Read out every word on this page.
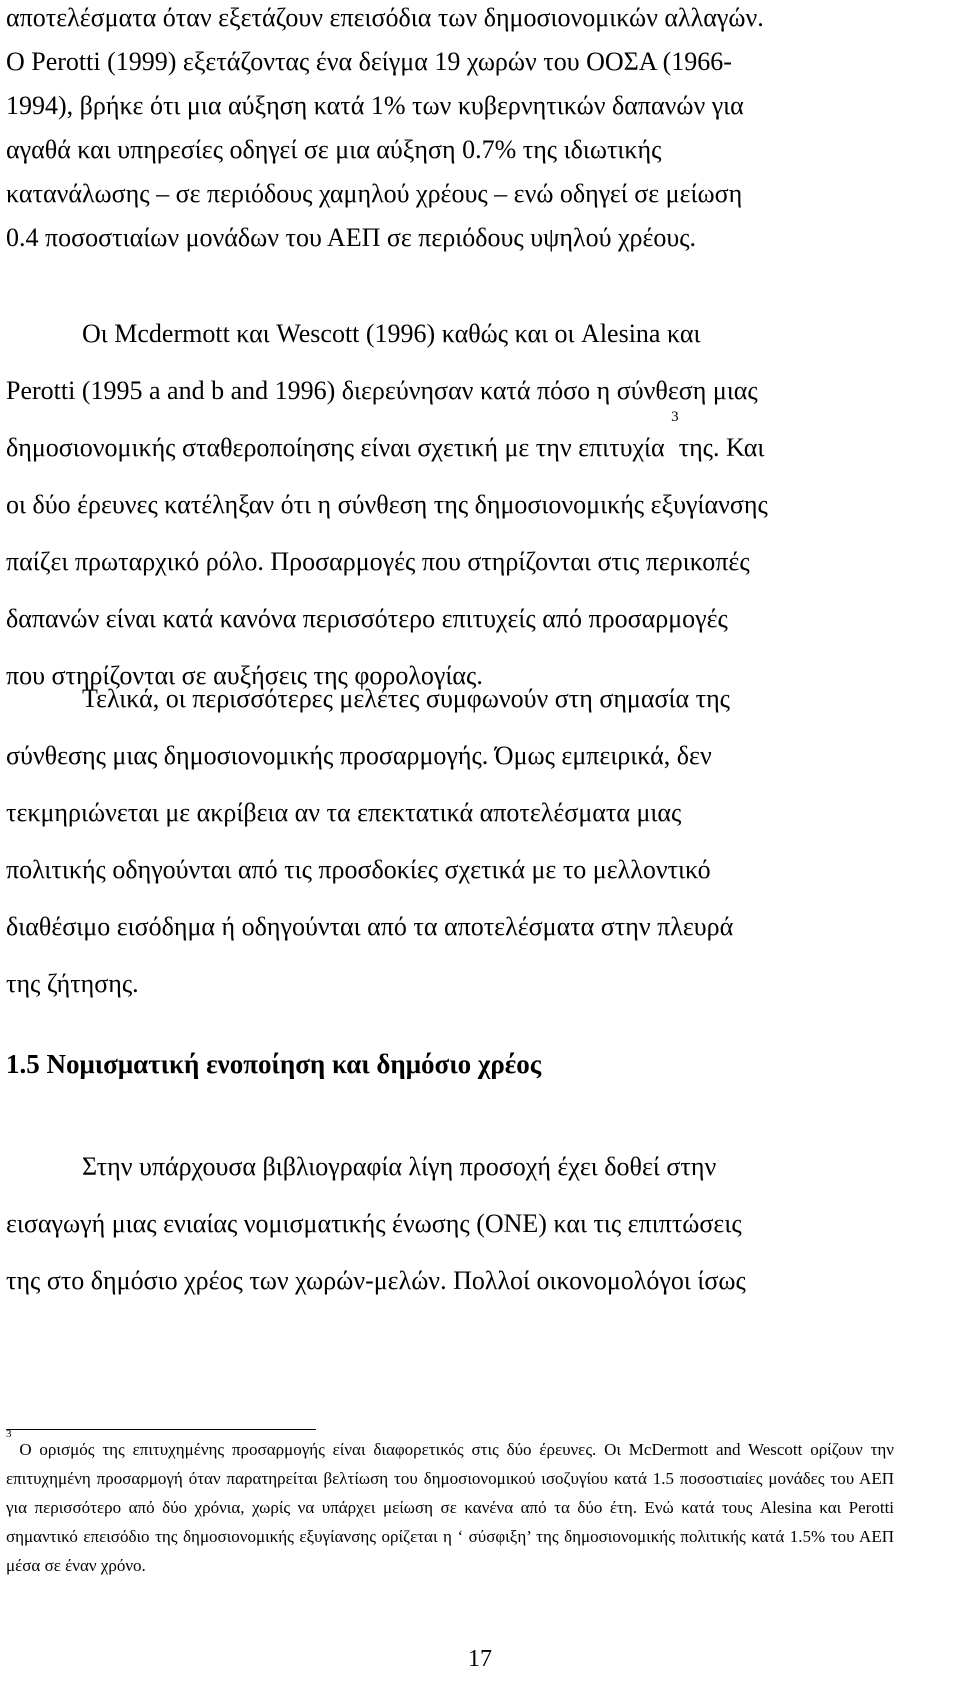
αποτελέσματα όταν εξετάζουν επεισόδια των δημοσιονομικών αλλαγών.
Ο Perotti (1999) εξετάζοντας ένα δείγμα 19 χωρών του ΟΟΣΑ (1966-
1994), βρήκε ότι μια αύξηση κατά 1% των κυβερνητικών δαπανών για
αγαθά και υπηρεσίες οδηγεί σε μια αύξηση 0.7% της ιδιωτικής
κατανάλωσης – σε περιόδους χαμηλού χρέους – ενώ οδηγεί σε μείωση
0.4 ποσοστιαίων μονάδων του ΑΕΠ σε περιόδους υψηλού χρέους.
Οι Mcdermott και Wescott (1996) καθώς και οι Alesina και
Perotti (1995 a and b and 1996) διερεύνησαν κατά πόσο η σύνθεση μιας
δημοσιονομικής σταθεροποίησης είναι σχετική με την επιτυχία $^3$της. Και
οι δύο έρευνες κατέληξαν ότι η σύνθεση της δημοσιονομικής εξυγίανσης
παίζει πρωταρχικό ρόλο. Προσαρμογές που στηρίζονται στις περικοπές
δαπανών είναι κατά κανόνα περισσότερο επιτυχείς από προσαρμογές
που στηρίζονται σε αυξήσεις της φορολογίας.
Τελικά, οι περισσότερες μελέτες συμφωνούν στη σημασία της
σύνθεσης μιας δημοσιονομικής προσαρμογής. Όμως εμπειρικά, δεν
τεκμηριώνεται με ακρίβεια αν τα επεκτατικά αποτελέσματα μιας
πολιτικής οδηγούνται από τις προσδοκίες σχετικά με το μελλοντικό
διαθέσιμο εισόδημα ή οδηγούνται από τα αποτελέσματα στην πλευρά
της ζήτησης.
1.5 Νομισματική ενοποίηση και δημόσιο χρέος
Στην υπάρχουσα βιβλιογραφία λίγη προσοχή έχει δοθεί στην
εισαγωγή μιας ενιαίας νομισματικής ένωσης (ΟΝΕ) και τις επιπτώσεις
της στο δημόσιο χρέος των χωρών-μελών. Πολλοί οικονομολόγοι ίσως
$^3$ Ο ορισμός της επιτυχημένης προσαρμογής είναι διαφορετικός στις δύο έρευνες. Οι McDermott and Wescott ορίζουν την επιτυχημένη προσαρμογή όταν παρατηρείται βελτίωση του δημοσιονομικού ισοζυγίου κατά 1.5 ποσοστιαίες μονάδες του ΑΕΠ για περισσότερο από δύο χρόνια, χωρίς να υπάρχει μείωση σε κανένα από τα δύο έτη. Ενώ κατά τους Alesina και Perotti σημαντικό επεισόδιο της δημοσιονομικής εξυγίανσης ορίζεται η ‘ σύσφιξη’ της δημοσιονομικής πολιτικής κατά 1.5% του ΑΕΠ μέσα σε έναν χρόνο.
17
